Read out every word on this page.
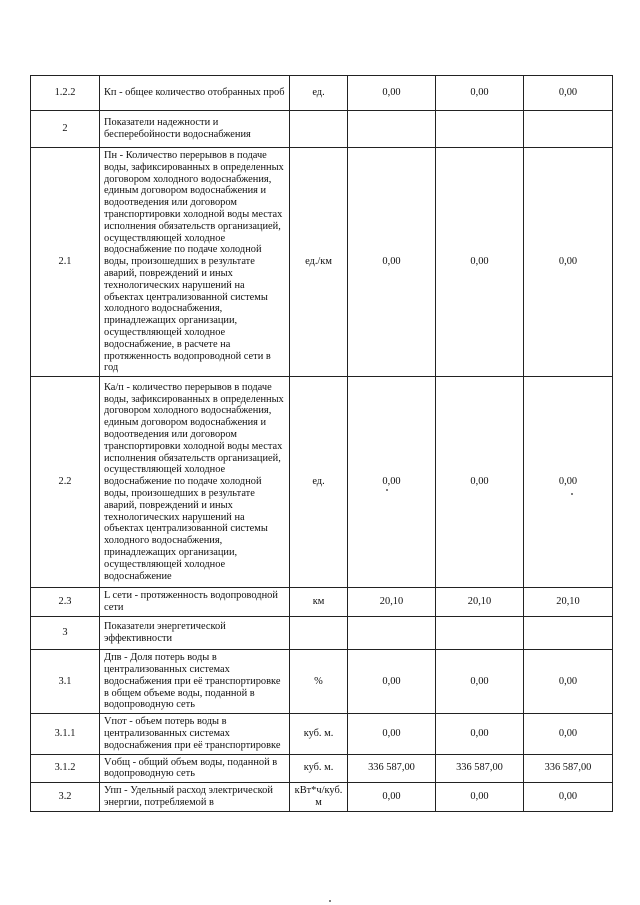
1.2.2	Кп - общее количество отобранных проб	ед.	0,00	0,00	0,00
2	Показатели надежности и бесперебойности водоснабжения				
2.1	Пн - Количество перерывов в подаче воды, зафиксированных в определенных договором холодного водоснабжения, единым договором водоснабжения и водоотведения или договором транспортировки холодной воды местах исполнения обязательств организацией, осуществляющей холодное водоснабжение по подаче холодной воды, произошедших в результате аварий, повреждений и иных технологических нарушений на объектах централизованной системы холодного водоснабжения, принадлежащих организации, осуществляющей холодное водоснабжение, в расчете на протяженность водопроводной сети в год	ед./км	0,00	0,00	0,00
2.2	Ка/п - количество перерывов в подаче воды, зафиксированных в определенных договором холодного водоснабжения, единым договором водоснабжения и водоотведения или договором транспортировки холодной воды местах исполнения обязательств организацией, осуществляющей холодное водоснабжение по подаче холодной воды, произошедших в результате аварий, повреждений и иных технологических нарушений на объектах централизованной системы холодного водоснабжения, принадлежащих организации, осуществляющей холодное водоснабжение	ед.	0,00	0,00	0,00
2.3	L сети - протяженность водопроводной сети	км	20,10	20,10	20,10
3	Показатели энергетической эффективности				
3.1	Дпв - Доля потерь воды в централизованных системах водоснабжения при её транспортировке в общем объеме воды, поданной в водопроводную сеть	%	0,00	0,00	0,00
3.1.1	Vпот - объем потерь воды в централизованных системах водоснабжения при её транспортировке	куб. м.	0,00	0,00	0,00
3.1.2	Vобщ - общий объем воды, поданной в водопроводную сеть	куб. м.	336 587,00	336 587,00	336 587,00
3.2	Упп - Удельный расход электрической энергии, потребляемой в	кВт*ч/куб. м	0,00	0,00	0,00
